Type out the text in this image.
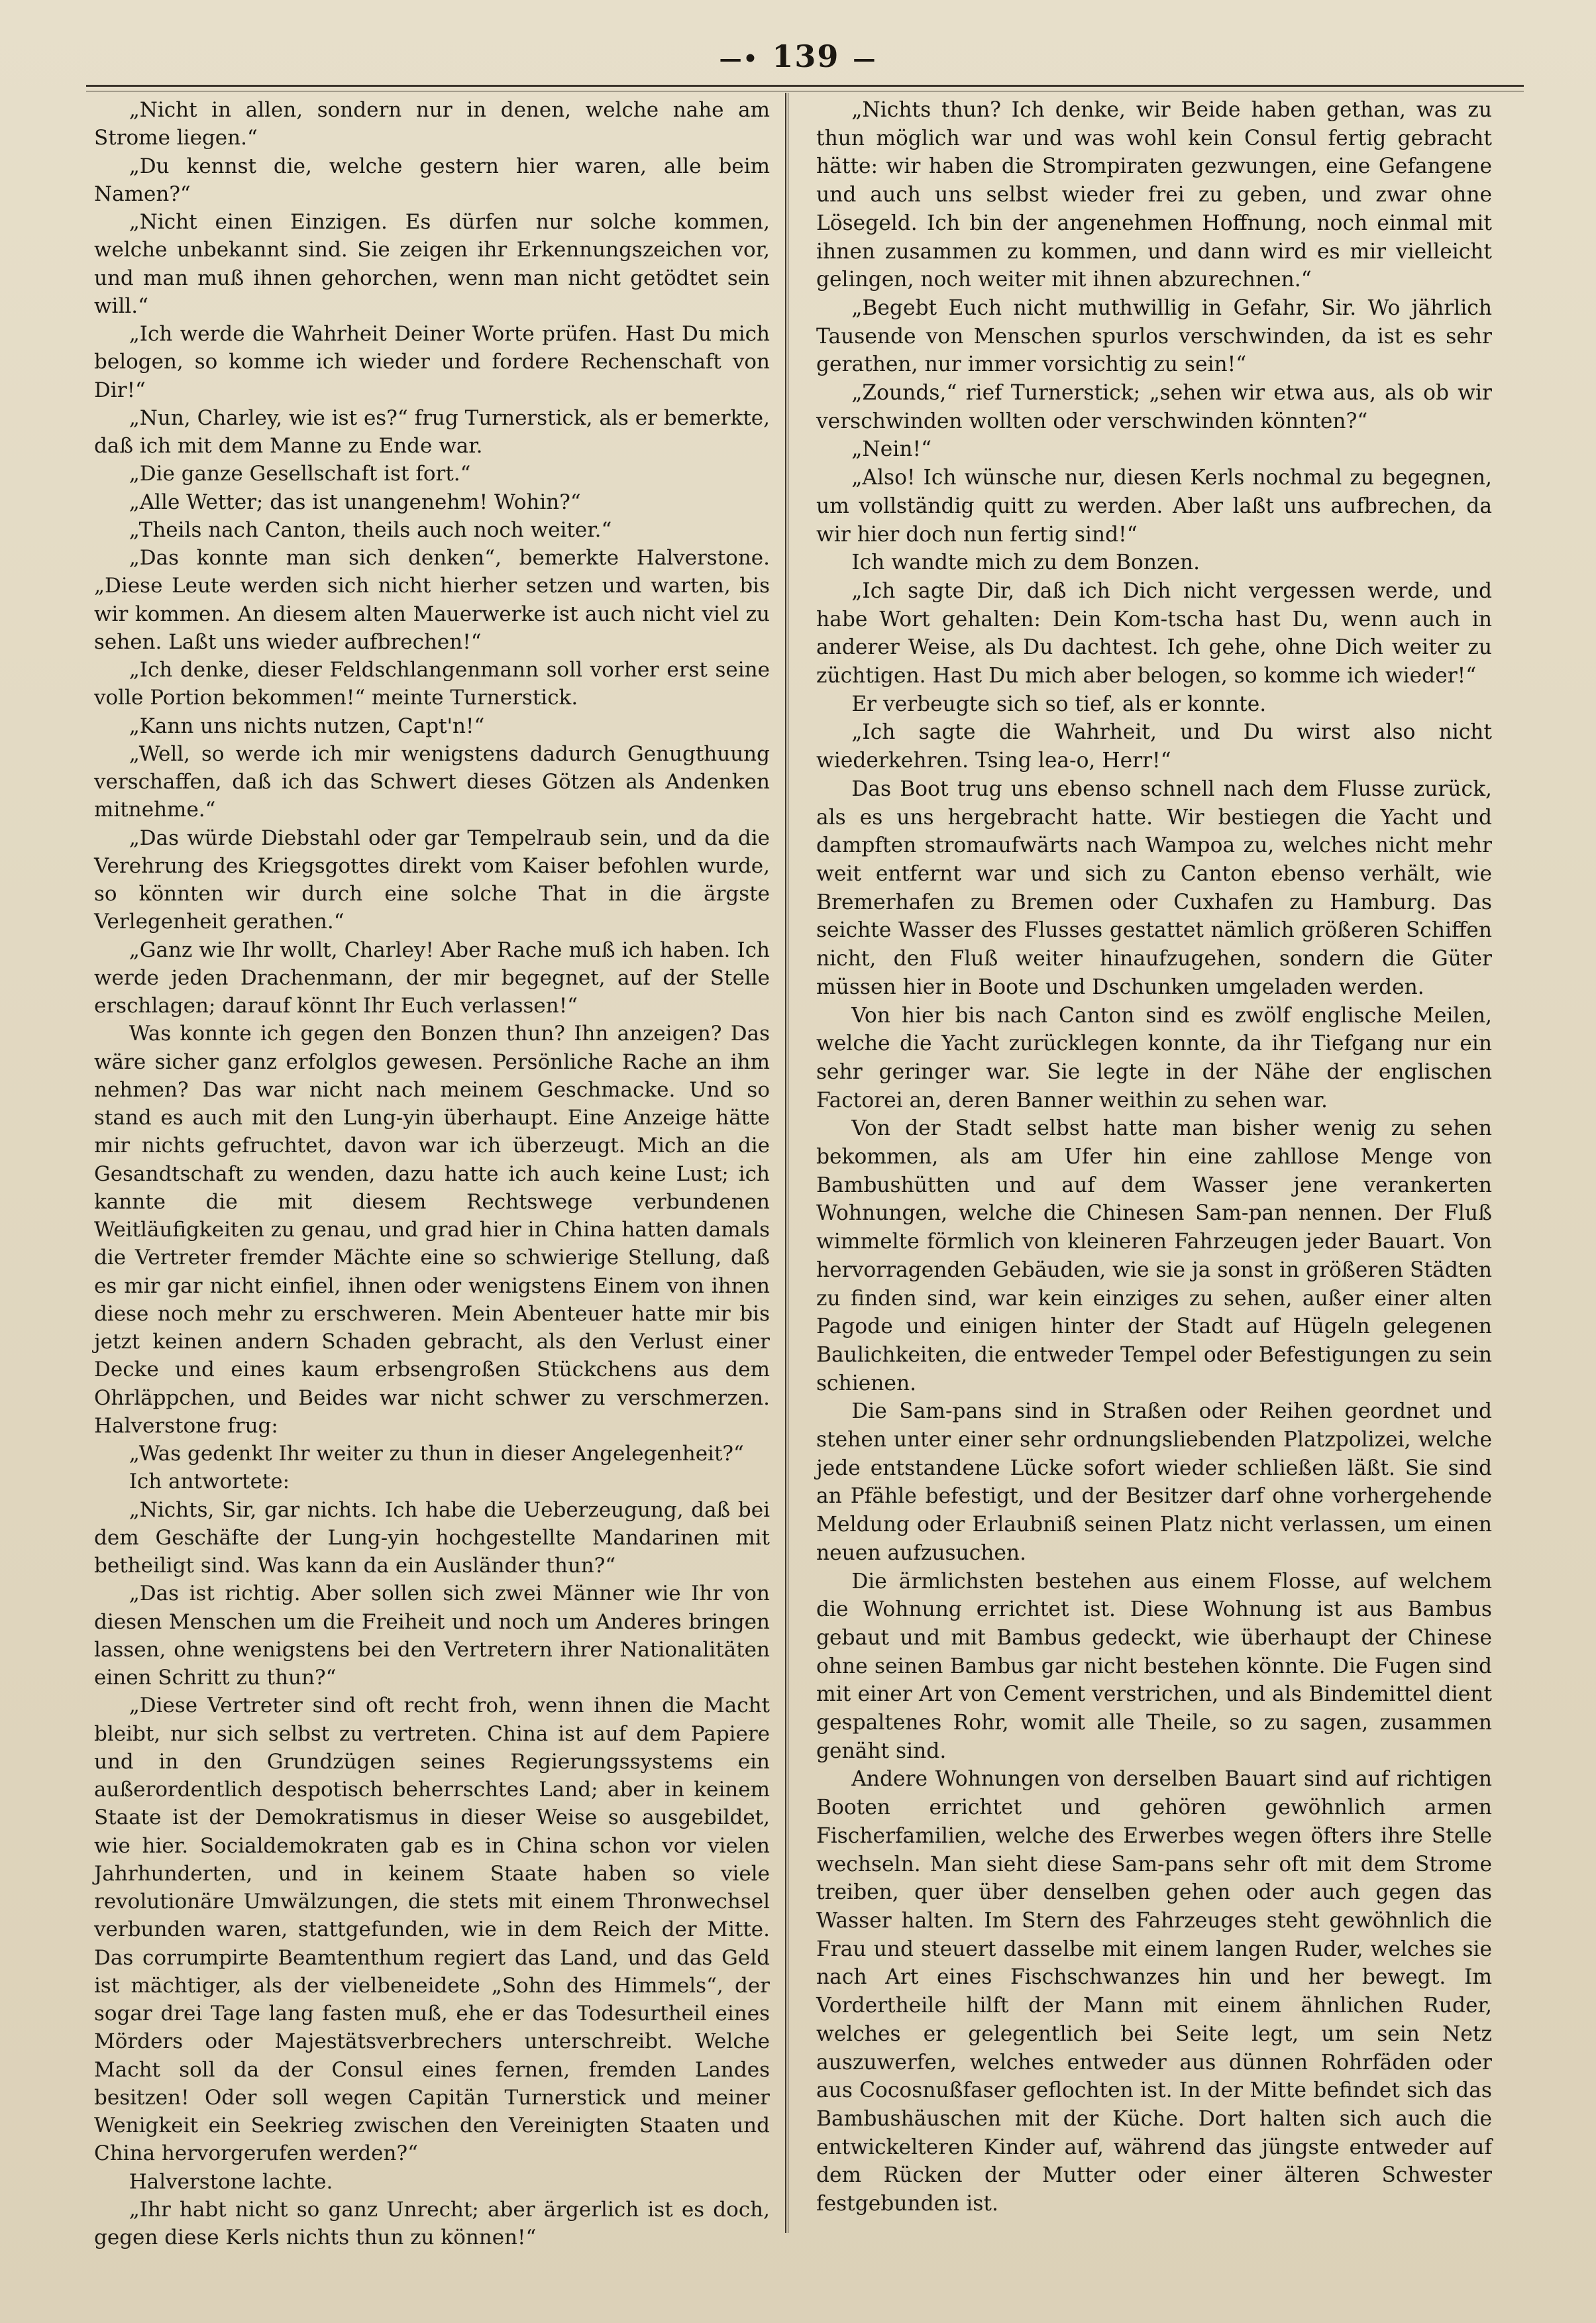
—• 139 —

„Nicht in allen, sondern nur in denen, welche nahe am Strome liegen.“

„Du kennst die, welche gestern hier waren, alle beim Namen?“

„Nicht einen Einzigen. Es dürfen nur solche kommen, welche unbekannt sind. Sie zeigen ihr Erkennungszeichen vor, und man muß ihnen gehorchen, wenn man nicht getödtet sein will.“

„Ich werde die Wahrheit Deiner Worte prüfen. Hast Du mich belogen, so komme ich wieder und fordere Rechenschaft von Dir!“

„Nun, Charley, wie ist es?“ frug Turnerstick, als er bemerkte, daß ich mit dem Manne zu Ende war.

„Die ganze Gesellschaft ist fort.“

„Alle Wetter; das ist unangenehm! Wohin?“

„Theils nach Canton, theils auch noch weiter.“

„Das konnte man sich denken“, bemerkte Halverstone. „Diese Leute werden sich nicht hierher setzen und warten, bis wir kommen. An diesem alten Mauerwerke ist auch nicht viel zu sehen. Laßt uns wieder aufbrechen!“

„Ich denke, dieser Feldschlangenmann soll vorher erst seine volle Portion bekommen!“ meinte Turnerstick.

„Kann uns nichts nutzen, Capt'n!“

„Well, so werde ich mir wenigstens dadurch Genugthuung verschaffen, daß ich das Schwert dieses Götzen als Andenken mitnehme.“

„Das würde Diebstahl oder gar Tempelraub sein, und da die Verehrung des Kriegsgottes direkt vom Kaiser befohlen wurde, so könnten wir durch eine solche That in die ärgste Verlegenheit gerathen.“

„Ganz wie Ihr wollt, Charley! Aber Rache muß ich haben. Ich werde jeden Drachenmann, der mir begegnet, auf der Stelle erschlagen; darauf könnt Ihr Euch verlassen!“

Was konnte ich gegen den Bonzen thun? Ihn anzeigen? Das wäre sicher ganz erfolglos gewesen. Persönliche Rache an ihm nehmen? Das war nicht nach meinem Geschmacke. Und so stand es auch mit den Lung-yin überhaupt. Eine Anzeige hätte mir nichts gefruchtet, davon war ich überzeugt. Mich an die Gesandtschaft zu wenden, dazu hatte ich auch keine Lust; ich kannte die mit diesem Rechtswege verbundenen Weitläufigkeiten zu genau, und grad hier in China hatten damals die Vertreter fremder Mächte eine so schwierige Stellung, daß es mir gar nicht einfiel, ihnen oder wenigstens Einem von ihnen diese noch mehr zu erschweren. Mein Abenteuer hatte mir bis jetzt keinen andern Schaden gebracht, als den Verlust einer Decke und eines kaum erbsengroßen Stückchens aus dem Ohrläppchen, und Beides war nicht schwer zu verschmerzen. Halverstone frug:

„Was gedenkt Ihr weiter zu thun in dieser Angelegenheit?“

Ich antwortete:

„Nichts, Sir, gar nichts. Ich habe die Ueberzeugung, daß bei dem Geschäfte der Lung-yin hochgestellte Mandarinen mit betheiligt sind. Was kann da ein Ausländer thun?“

„Das ist richtig. Aber sollen sich zwei Männer wie Ihr von diesen Menschen um die Freiheit und noch um Anderes bringen lassen, ohne wenigstens bei den Vertretern ihrer Nationalitäten einen Schritt zu thun?“

„Diese Vertreter sind oft recht froh, wenn ihnen die Macht bleibt, nur sich selbst zu vertreten. China ist auf dem Papiere und in den Grundzügen seines Regierungssystems ein außerordentlich despotisch beherrschtes Land; aber in keinem Staate ist der Demokratismus in dieser Weise so ausgebildet, wie hier. Socialdemokraten gab es in China schon vor vielen Jahrhunderten, und in keinem Staate haben so viele revolutionäre Umwälzungen, die stets mit einem Thronwechsel verbunden waren, stattgefunden, wie in dem Reich der Mitte. Das corrumpirte Beamtenthum regiert das Land, und das Geld ist mächtiger, als der vielbeneidete „Sohn des Himmels“, der sogar drei Tage lang fasten muß, ehe er das Todesurtheil eines Mörders oder Majestätsverbrechers unterschreibt. Welche Macht soll da der Consul eines fernen, fremden Landes besitzen! Oder soll wegen Capitän Turnerstick und meiner Wenigkeit ein Seekrieg zwischen den Vereinigten Staaten und China hervorgerufen werden?“

Halverstone lachte.

„Ihr habt nicht so ganz Unrecht; aber ärgerlich ist es doch, gegen diese Kerls nichts thun zu können!“

„Nichts thun? Ich denke, wir Beide haben gethan, was zu thun möglich war und was wohl kein Consul fertig gebracht hätte: wir haben die Strompiraten gezwungen, eine Gefangene und auch uns selbst wieder frei zu geben, und zwar ohne Lösegeld. Ich bin der angenehmen Hoffnung, noch einmal mit ihnen zusammen zu kommen, und dann wird es mir vielleicht gelingen, noch weiter mit ihnen abzurechnen.“

„Begebt Euch nicht muthwillig in Gefahr, Sir. Wo jährlich Tausende von Menschen spurlos verschwinden, da ist es sehr gerathen, nur immer vorsichtig zu sein!“

„Zounds,“ rief Turnerstick; „sehen wir etwa aus, als ob wir verschwinden wollten oder verschwinden könnten?“

„Nein!“

„Also! Ich wünsche nur, diesen Kerls nochmal zu begegnen, um vollständig quitt zu werden. Aber laßt uns aufbrechen, da wir hier doch nun fertig sind!“

Ich wandte mich zu dem Bonzen.

„Ich sagte Dir, daß ich Dich nicht vergessen werde, und habe Wort gehalten: Dein Kom-tscha hast Du, wenn auch in anderer Weise, als Du dachtest. Ich gehe, ohne Dich weiter zu züchtigen. Hast Du mich aber belogen, so komme ich wieder!“

Er verbeugte sich so tief, als er konnte.

„Ich sagte die Wahrheit, und Du wirst also nicht wiederkehren. Tsing lea-o, Herr!“

Das Boot trug uns ebenso schnell nach dem Flusse zurück, als es uns hergebracht hatte. Wir bestiegen die Yacht und dampften stromaufwärts nach Wampoa zu, welches nicht mehr weit entfernt war und sich zu Canton ebenso verhält, wie Bremerhafen zu Bremen oder Cuxhafen zu Hamburg. Das seichte Wasser des Flusses gestattet nämlich größeren Schiffen nicht, den Fluß weiter hinaufzugehen, sondern die Güter müssen hier in Boote und Dschunken umgeladen werden.

Von hier bis nach Canton sind es zwölf englische Meilen, welche die Yacht zurücklegen konnte, da ihr Tiefgang nur ein sehr geringer war. Sie legte in der Nähe der englischen Factorei an, deren Banner weithin zu sehen war.

Von der Stadt selbst hatte man bisher wenig zu sehen bekommen, als am Ufer hin eine zahllose Menge von Bambushütten und auf dem Wasser jene verankerten Wohnungen, welche die Chinesen Sam-pan nennen. Der Fluß wimmelte förmlich von kleineren Fahrzeugen jeder Bauart. Von hervorragenden Gebäuden, wie sie ja sonst in größeren Städten zu finden sind, war kein einziges zu sehen, außer einer alten Pagode und einigen hinter der Stadt auf Hügeln gelegenen Baulichkeiten, die entweder Tempel oder Befestigungen zu sein schienen.

Die Sam-pans sind in Straßen oder Reihen geordnet und stehen unter einer sehr ordnungsliebenden Platzpolizei, welche jede entstandene Lücke sofort wieder schließen läßt. Sie sind an Pfähle befestigt, und der Besitzer darf ohne vorhergehende Meldung oder Erlaubniß seinen Platz nicht verlassen, um einen neuen aufzusuchen.

Die ärmlichsten bestehen aus einem Flosse, auf welchem die Wohnung errichtet ist. Diese Wohnung ist aus Bambus gebaut und mit Bambus gedeckt, wie überhaupt der Chinese ohne seinen Bambus gar nicht bestehen könnte. Die Fugen sind mit einer Art von Cement verstrichen, und als Bindemittel dient gespaltenes Rohr, womit alle Theile, so zu sagen, zusammen genäht sind.

Andere Wohnungen von derselben Bauart sind auf richtigen Booten errichtet und gehören gewöhnlich armen Fischerfamilien, welche des Erwerbes wegen öfters ihre Stelle wechseln. Man sieht diese Sam-pans sehr oft mit dem Strome treiben, quer über denselben gehen oder auch gegen das Wasser halten. Im Stern des Fahrzeuges steht gewöhnlich die Frau und steuert dasselbe mit einem langen Ruder, welches sie nach Art eines Fischschwanzes hin und her bewegt. Im Vordertheile hilft der Mann mit einem ähnlichen Ruder, welches er gelegentlich bei Seite legt, um sein Netz auszuwerfen, welches entweder aus dünnen Rohrfäden oder aus Cocosnußfaser geflochten ist. In der Mitte befindet sich das Bambushäuschen mit der Küche. Dort halten sich auch die entwickelteren Kinder auf, während das jüngste entweder auf dem Rücken der Mutter oder einer älteren Schwester festgebunden ist.
